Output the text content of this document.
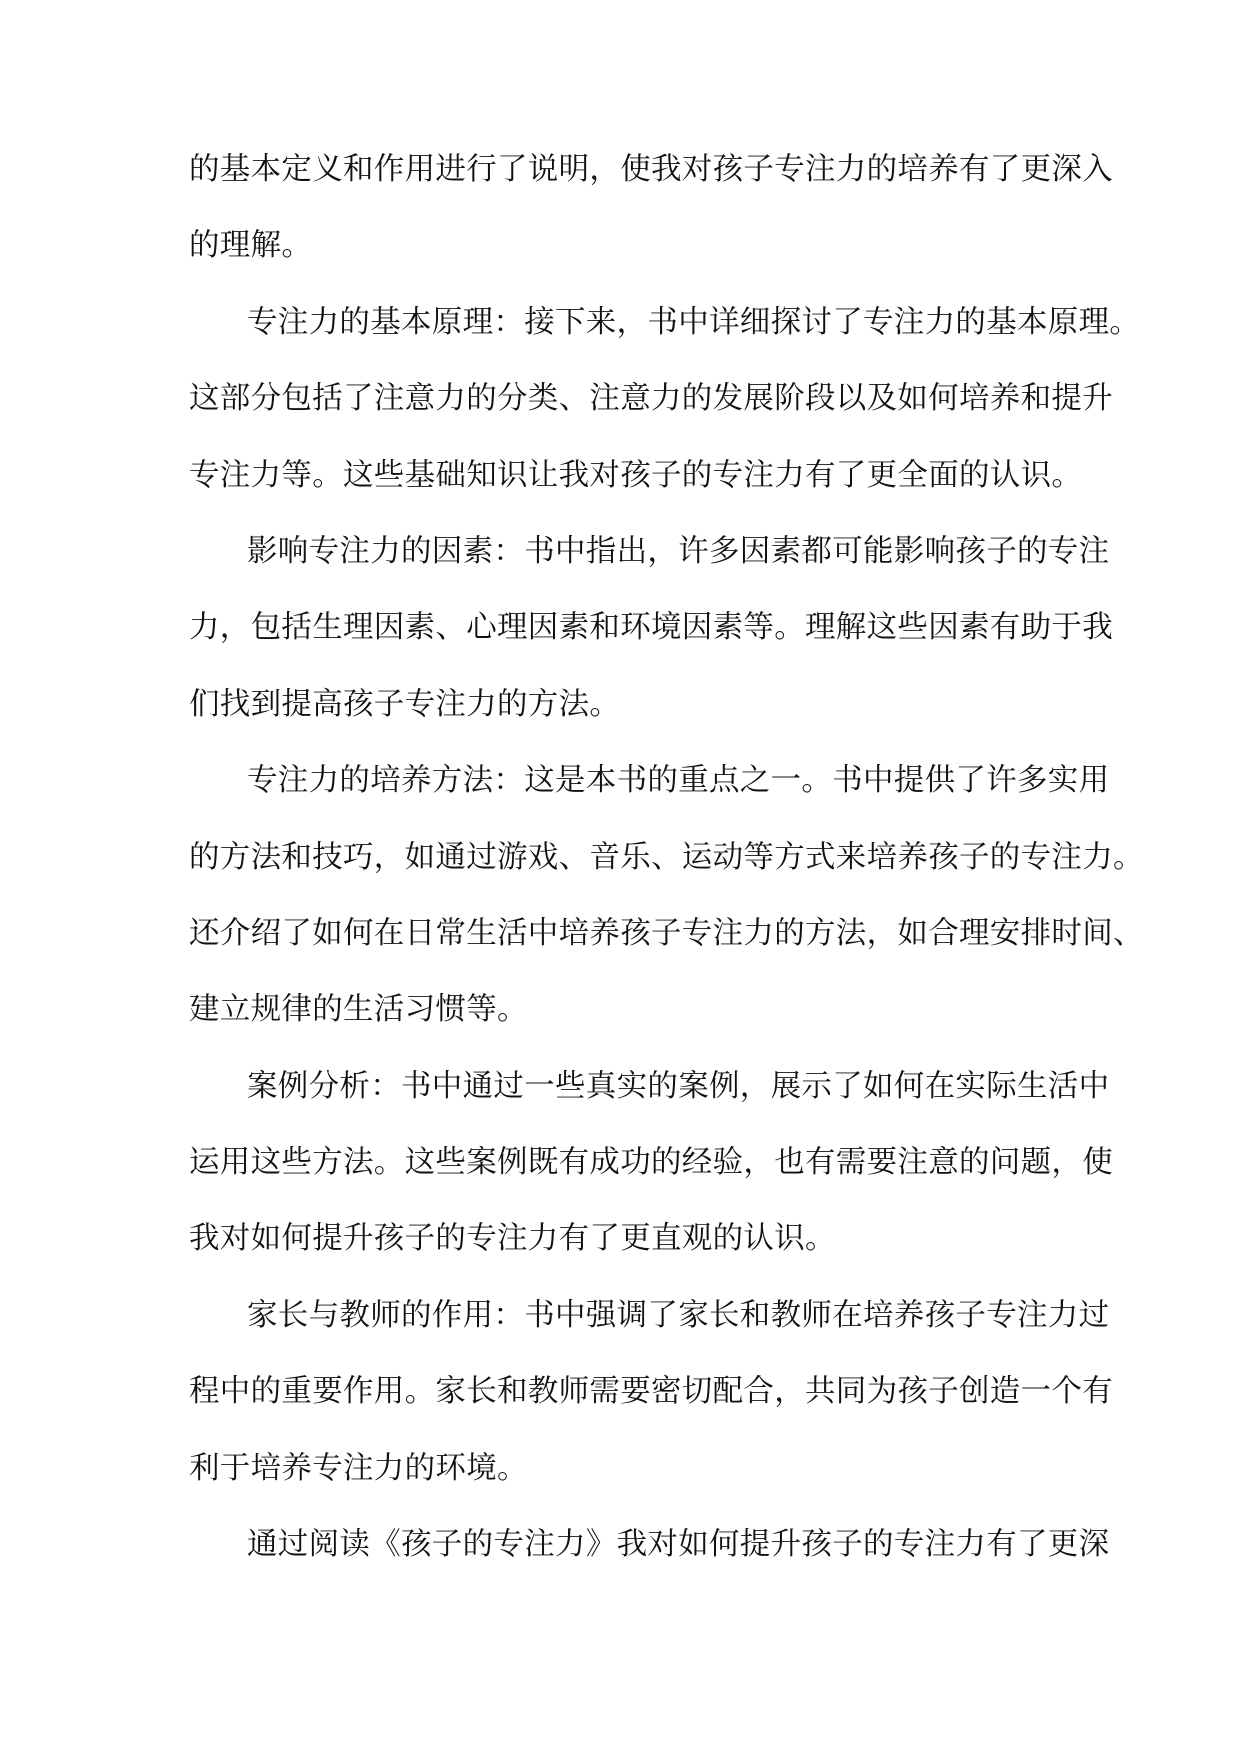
的基本定义和作用进行了说明，使我对孩子专注力的培养有了更深入
的理解。
专注力的基本原理：接下来，书中详细探讨了专注力的基本原理。
这部分包括了注意力的分类、注意力的发展阶段以及如何培养和提升
专注力等。这些基础知识让我对孩子的专注力有了更全面的认识。
影响专注力的因素：书中指出，许多因素都可能影响孩子的专注
力，包括生理因素、心理因素和环境因素等。理解这些因素有助于我
们找到提高孩子专注力的方法。
专注力的培养方法：这是本书的重点之一。书中提供了许多实用
的方法和技巧，如通过游戏、音乐、运动等方式来培养孩子的专注力。
还介绍了如何在日常生活中培养孩子专注力的方法，如合理安排时间、
建立规律的生活习惯等。
案例分析：书中通过一些真实的案例，展示了如何在实际生活中
运用这些方法。这些案例既有成功的经验，也有需要注意的问题，使
我对如何提升孩子的专注力有了更直观的认识。
家长与教师的作用：书中强调了家长和教师在培养孩子专注力过
程中的重要作用。家长和教师需要密切配合，共同为孩子创造一个有
利于培养专注力的环境。
通过阅读《孩子的专注力》我对如何提升孩子的专注力有了更深
